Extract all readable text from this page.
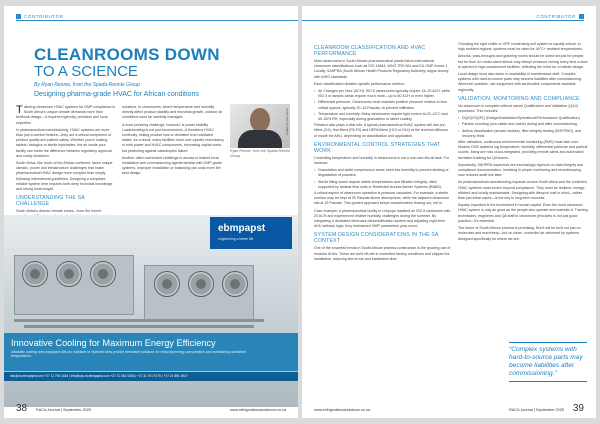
CONTRIBUTOR
CLEANROOMS DOWN
TO A SCIENCE
By Ryan Rennie, from the Spada-Rennie Group
Designing pharma-grade HVAC for African conditions

Tailoring cleanroom HVAC systems for GMP compliance in South Africa's unique climate demands more than textbook design—it requires ingenuity, precision and local expertise.

In pharmaceutical manufacturing, HVAC systems are more than just a comfort feature—they are a critical component of product quality and patient safety. Whether you're making tablets, biologics or sterile injectables, the air inside your facility can mean the difference between regulatory approval and costly shutdown.

South Africa, like much of the African continent, faces unique climatic, power and infrastructure challenges that make pharmaceutical HVAC design more complex than simply following international guidelines. Designing a compliant, reliable system here requires both deep technical knowledge and strong local insight.

UNDERSTANDING THE SA CHALLENGE

South Africa's diverse climate zones—from the humid

solutions. In cleanrooms, where temperature and humidity directly affect product stability and microbial growth, outdoor air conditions must be carefully managed.

A more pressing challenge, however, is power stability. Loadshedding is not just inconvenient—it threatens HVAC continuity, risking product loss or deviation from validated states. As a result, many facilities must over-specify redundancy in both power and HVAC components, increasing capital costs but protecting against catastrophic failure.

Another often overlooked challenge is access to trained local installation and commissioning agents familiar with GMP-grade systems. Improper installation or balancing can undo even the best design.

Supplied by Ryan Rennie
Ryan Rennie, from the Spada-Rennie Group
ebmpapst
engineering a better life
Innovative Cooling for Maximum Energy Efficiency
Adiabatic cooling units equipped with our Axiblade or Hydrotex fans provide innovative solutions for reducing energy consumption and maintaining consistent temperatures.
info@za.ebmpapst.com +27 11 794 3434 | info@cpt.za.ebmpapst.com +27 21 551 0353 | +27 31 701 5770 | +27 21 551 4947
38 RACA Journal | September 2025	www.refrigerationandaircon.co.za
CONTRIBUTOR
CLEANROOM CLASSIFICATION AND HVAC PERFORMANCE

Most cleanrooms in South African pharmaceutical plants follow international cleanroom classifications such as ISO 14644, WHO TRS 961 and EU GMP Annex 1. Locally, SAHPRA (South African Health Products Regulatory Authority) aligns closely with WHO standards.

Each classification dictates specific performance metrics:

• Air Changes per Hour (ACH): ISO 8 cleanrooms typically require 15–20 ACH, while ISO 5 or aseptic areas require much more—up to 60 ACH or even higher.
• Differential pressure: Cleanrooms must maintain positive pressure relative to less critical spaces, typically 10–15 Pascals, to prevent infiltration.
• Temperature and humidity: Many cleanrooms require tight control at 20–24°C and 40–60% RH, especially during granulation or tablet coating.

Filtration also plays a vital role. A typical pharmaceutical HVAC system will use pre-filters (G4), fine filters (F8-F9) and HEPA filters (H13 or H14) at the terminal diffusers or inside the AHU, depending on classification and application.

ENVIRONMENTAL CONTROL STRATEGIES THAT WORK

Controlling temperature and humidity in cleanrooms is not a one-size-fits-all task. For instance:

• Granulation and tablet compression areas need low humidity to prevent sticking or degradation of powders.
• Sterile filling zones require stable temperatures and filtration integrity, often supported by laminar flow units or Restricted Access Barrier Systems (RABS).

A critical aspect of cleanroom operation is pressure cascades. For example, a sterile corridor may be kept at 30 Pascals above atmospheric, while the adjacent cleanroom sits at 15 Pascals. This graded approach keeps contamination flowing out, not in.

Case example: A pharmaceutical facility in Limpopo installed an ISO 8 cleanroom with 20 ACH and experienced relative humidity challenges during the summer. By integrating a dedicated desiccant dehumidification system and adjusting night-time AHU setback logic, they maintained GMP parameters year-round.

SYSTEM DESIGN CONSIDERATIONS IN THE SA CONTEXT

One of the smartest trends in South African pharma construction is the growing use of modular AHUs. These are built off-site in controlled factory conditions and shipped for installation, reducing site errors and installation time.

Choosing the right chiller or VRF condensing unit system is equally critical. In high ambient regions, systems must be rated for 40°C+ ambient temperatures.

Airlocks, pass-throughs and gowning rooms should be sized not just for people, but for flow. An under-sized airlock may disrupt pressure zoning every time a door is opened in high-containment facilities, reflecting the need for a holistic design.

Local design must also factor in availability of maintenance staff. Complex systems with hard-to-source parts may become liabilities after commissioning. Wherever possible, use equipment with serviceable components available regionally.

VALIDATION, MONITORING AND COMPLIANCE

No cleanroom is complete without robust Qualification and Validation (Q&V) processes. This includes:

• DQ/IQ/OQ/PQ (Design/Installation/Operational/Performance Qualification)
• Particle counting (non-viable and viable) during and after commissioning
• Airflow visualisation (smoke studies), filter integrity testing (DOP/PAO), and recovery tests

After validation, continuous environmental monitoring (EMS) must take over. Modern EMS systems log temperature, humidity, differential pressure and particle counts. Many are now cloud-integrated, providing remote alerts and automated deviation tracking for QA teams.

Importantly, SAHPRA inspectors are increasingly rigorous on data integrity and compliance documentation. Investing in proper monitoring and recordkeeping now reduces audit risk later.

As pharmaceutical manufacturing expands across South Africa and the continent, HVAC systems must evolve beyond compliance. They must be resilient, energy-efficient and locally maintainable. Designing with lifecycle cost in mind—rather than just initial capex—is the key to long-term success.

Equally important is the investment in human capital. Even the most advanced HVAC system is only as good as the people who operate and maintain it. Training technicians, engineers and QA staff in cleanroom principles is not just good practice—it's essential.

The future of South African pharma is promising. But it will be built not just on molecules and machinery—but on clean, controlled air delivered by systems designed specifically for where we are.

“Complex systems with hard-to-source parts may become liabilities after commissioning.”
www.refrigerationandaircon.co.za	RACA Journal | September 2025 39
